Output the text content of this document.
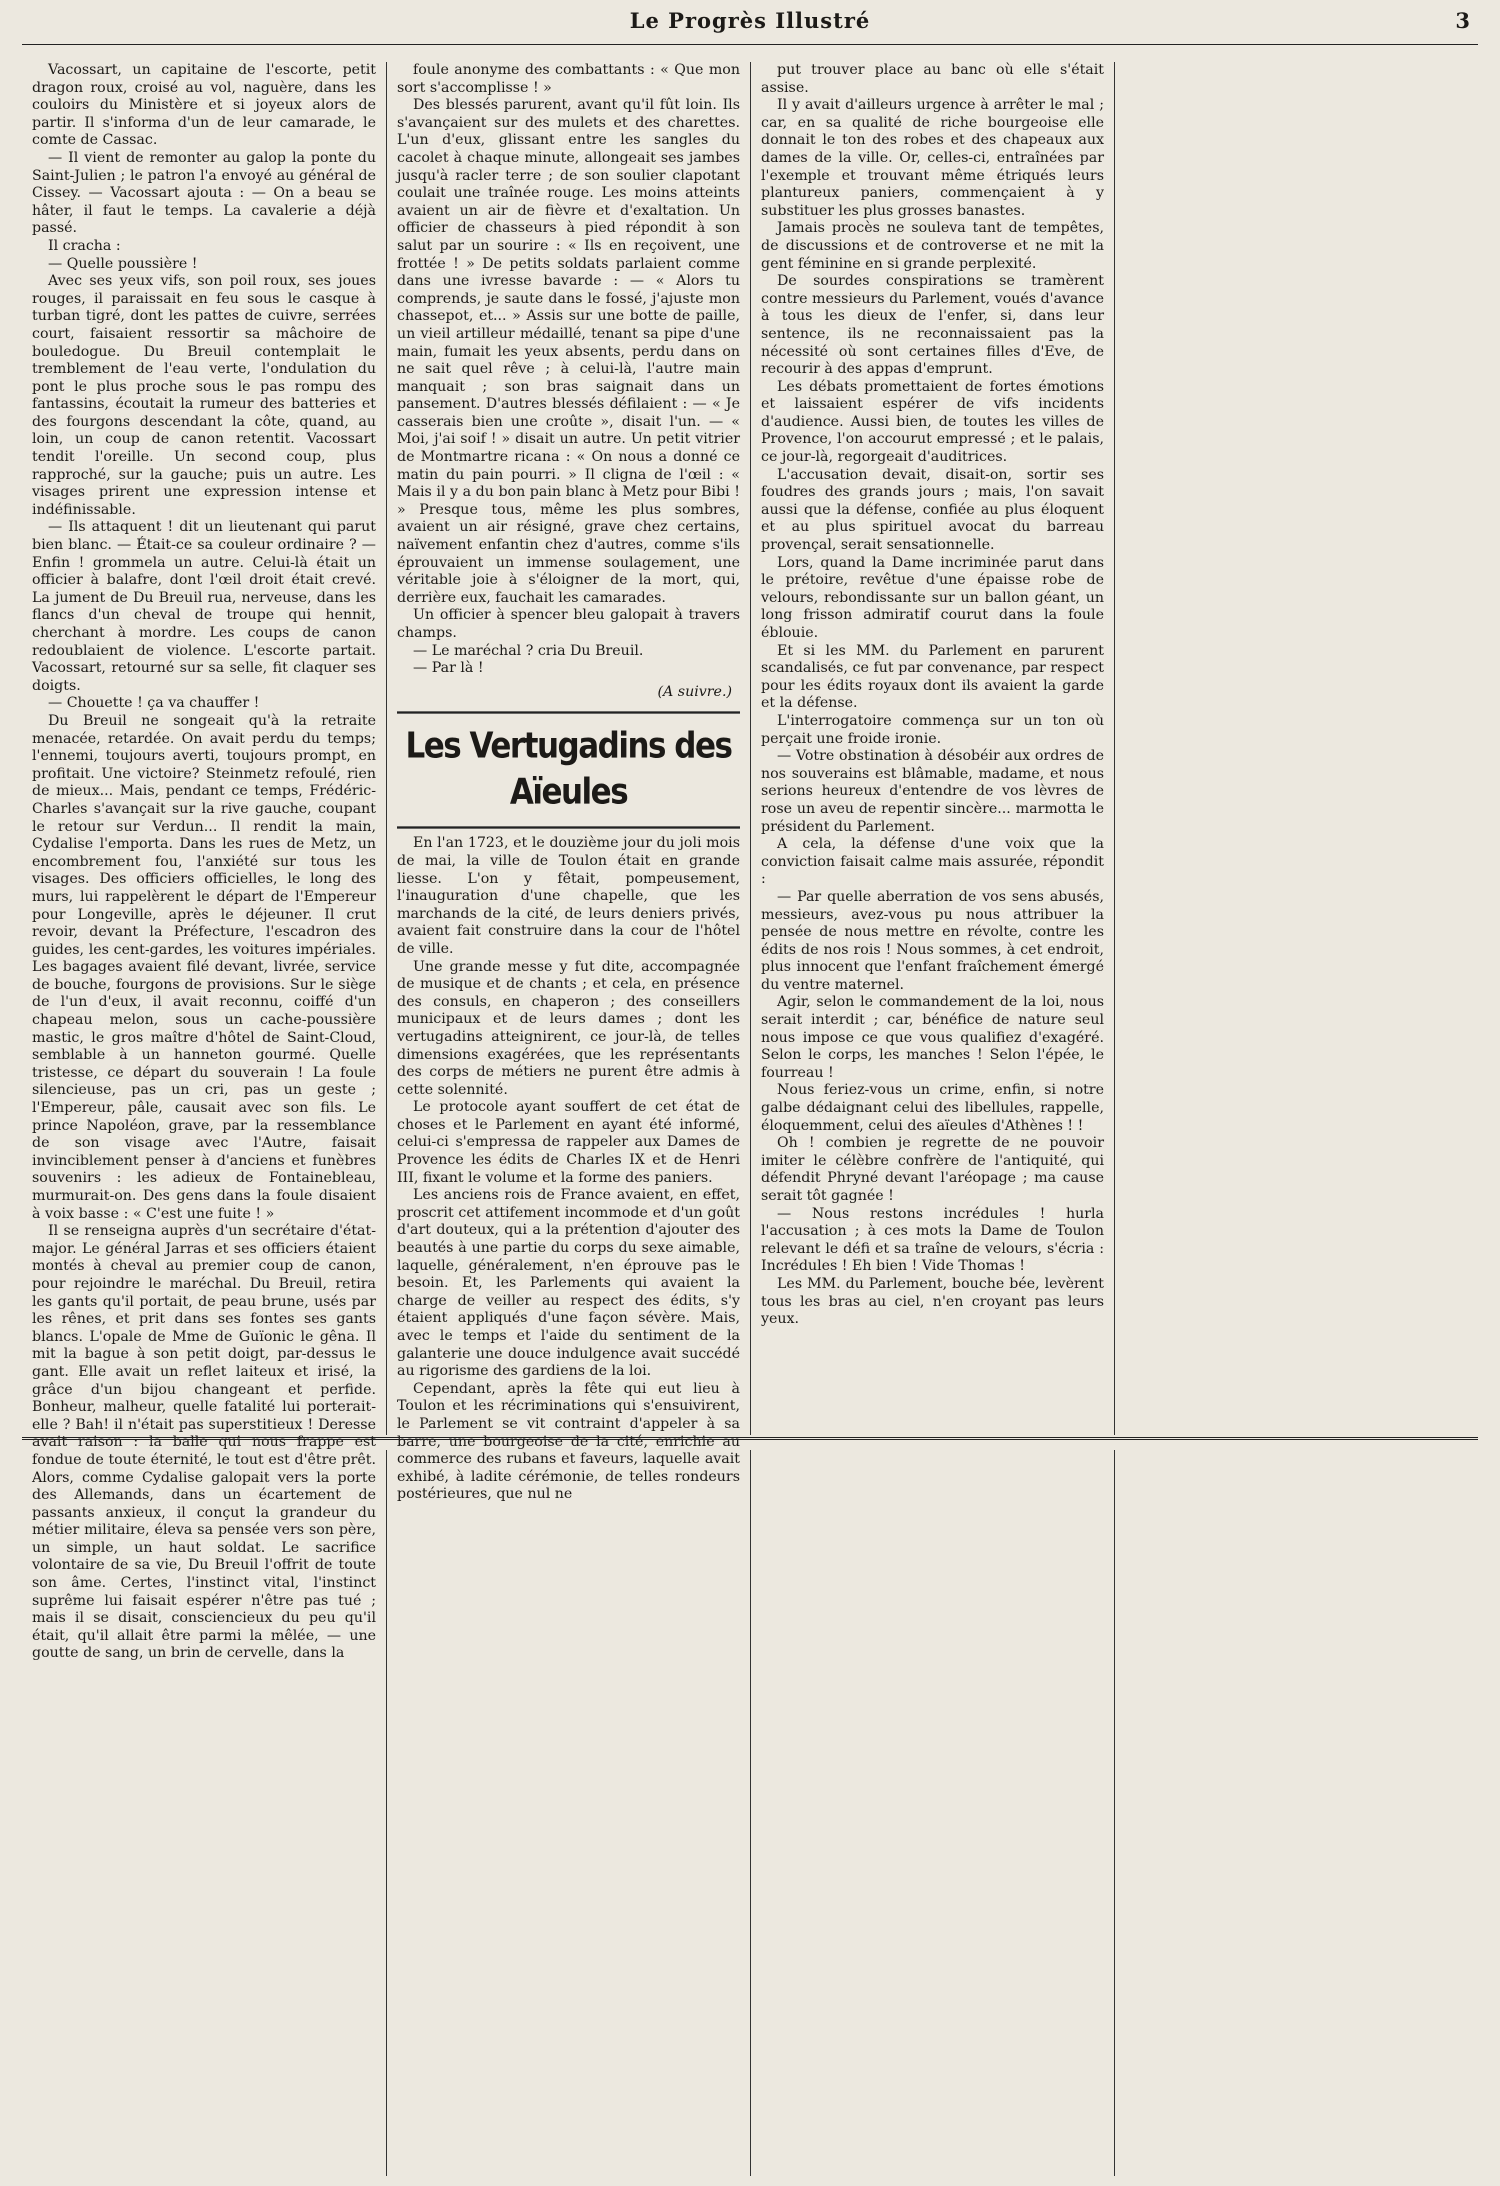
Le Progrès Illustré	3

Vacossart, un capitaine de l'escorte, petit dragon roux, croisé au vol, naguère, dans les couloirs du Ministère et si joyeux alors de partir. Il s'informa d'un de leur camarade, le comte de Cassac.

— Il vient de remonter au galop la ponte du Saint-Julien ; le patron l'a envoyé au général de Cissey. — Vacossart ajouta : — On a beau se hâter, il faut le temps. La cavalerie a déjà passé.

Il cracha :

— Quelle poussière !

Avec ses yeux vifs, son poil roux, ses joues rouges, il paraissait en feu sous le casque à turban tigré, dont les pattes de cuivre, serrées court, faisaient ressortir sa mâchoire de bouledogue. Du Breuil contemplait le tremblement de l'eau verte, l'ondulation du pont le plus proche sous le pas rompu des fantassins, écoutait la rumeur des batteries et des fourgons descendant la côte, quand, au loin, un coup de canon retentit. Vacossart tendit l'oreille. Un second coup, plus rapproché, sur la gauche; puis un autre. Les visages prirent une expression intense et indéfinissable.

— Ils attaquent ! dit un lieutenant qui parut bien blanc. — Était-ce sa couleur ordinaire ? — Enfin ! grommela un autre. Celui-là était un officier à balafre, dont l'œil droit était crevé. La jument de Du Breuil rua, nerveuse, dans les flancs d'un cheval de troupe qui hennit, cherchant à mordre. Les coups de canon redoublaient de violence. L'escorte partait. Vacossart, retourné sur sa selle, fit claquer ses doigts.

— Chouette ! ça va chauffer !

Du Breuil ne songeait qu'à la retraite menacée, retardée. On avait perdu du temps; l'ennemi, toujours averti, toujours prompt, en profitait. Une victoire? Steinmetz refoulé, rien de mieux... Mais, pendant ce temps, Frédéric-Charles s'avançait sur la rive gauche, coupant le retour sur Verdun... Il rendit la main, Cydalise l'emporta. Dans les rues de Metz, un encombrement fou, l'anxiété sur tous les visages. Des officiers officielles, le long des murs, lui rappelèrent le départ de l'Empereur pour Longeville, après le déjeuner. Il crut revoir, devant la Préfecture, l'escadron des guides, les cent-gardes, les voitures impériales. Les bagages avaient filé devant, livrée, service de bouche, fourgons de provisions. Sur le siège de l'un d'eux, il avait reconnu, coiffé d'un chapeau melon, sous un cache-poussière mastic, le gros maître d'hôtel de Saint-Cloud, semblable à un hanneton gourmé. Quelle tristesse, ce départ du souverain ! La foule silencieuse, pas un cri, pas un geste ; l'Empereur, pâle, causait avec son fils. Le prince Napoléon, grave, par la ressemblance de son visage avec l'Autre, faisait invinciblement penser à d'anciens et funèbres souvenirs : les adieux de Fontainebleau, murmurait-on. Des gens dans la foule disaient à voix basse : « C'est une fuite ! »

Il se renseigna auprès d'un secrétaire d'état-major. Le général Jarras et ses officiers étaient montés à cheval au premier coup de canon, pour rejoindre le maréchal. Du Breuil, retira les gants qu'il portait, de peau brune, usés par les rênes, et prit dans ses fontes ses gants blancs. L'opale de Mme de Guïonic le gêna. Il mit la bague à son petit doigt, par-dessus le gant. Elle avait un reflet laiteux et irisé, la grâce d'un bijou changeant et perfide. Bonheur, malheur, quelle fatalité lui porterait-elle ? Bah! il n'était pas superstitieux ! Deresse avait raison : la balle qui nous frappe est fondue de toute éternité, le tout est d'être prêt. Alors, comme Cydalise galopait vers la porte des Allemands, dans un écartement de passants anxieux, il conçut la grandeur du métier militaire, éleva sa pensée vers son père, un simple, un haut soldat. Le sacrifice volontaire de sa vie, Du Breuil l'offrit de toute son âme. Certes, l'instinct vital, l'instinct suprême lui faisait espérer n'être pas tué ; mais il se disait, consciencieux du peu qu'il était, qu'il allait être parmi la mêlée, — une goutte de sang, un brin de cervelle, dans la

foule anonyme des combattants : « Que mon sort s'accomplisse ! »

Des blessés parurent, avant qu'il fût loin. Ils s'avançaient sur des mulets et des charettes. L'un d'eux, glissant entre les sangles du cacolet à chaque minute, allongeait ses jambes jusqu'à racler terre ; de son soulier clapotant coulait une traînée rouge. Les moins atteints avaient un air de fièvre et d'exaltation. Un officier de chasseurs à pied répondit à son salut par un sourire : « Ils en reçoivent, une frottée ! » De petits soldats parlaient comme dans une ivresse bavarde : — « Alors tu comprends, je saute dans le fossé, j'ajuste mon chassepot, et... » Assis sur une botte de paille, un vieil artilleur médaillé, tenant sa pipe d'une main, fumait les yeux absents, perdu dans on ne sait quel rêve ; à celui-là, l'autre main manquait ; son bras saignait dans un pansement. D'autres blessés défilaient : — « Je casserais bien une croûte », disait l'un. — « Moi, j'ai soif ! » disait un autre. Un petit vitrier de Montmartre ricana : « On nous a donné ce matin du pain pourri. » Il cligna de l'œil : « Mais il y a du bon pain blanc à Metz pour Bibi ! » Presque tous, même les plus sombres, avaient un air résigné, grave chez certains, naïvement enfantin chez d'autres, comme s'ils éprouvaient un immense soulagement, une véritable joie à s'éloigner de la mort, qui, derrière eux, fauchait les camarades.

Un officier à spencer bleu galopait à travers champs.

— Le maréchal ? cria Du Breuil.

— Par là !

(A suivre.)

Les Vertugadins des Aïeules

En l'an 1723, et le douzième jour du joli mois de mai, la ville de Toulon était en grande liesse. L'on y fêtait, pompeusement, l'inauguration d'une chapelle, que les marchands de la cité, de leurs deniers privés, avaient fait construire dans la cour de l'hôtel de ville.

Une grande messe y fut dite, accompagnée de musique et de chants ; et cela, en présence des consuls, en chaperon ; des conseillers municipaux et de leurs dames ; dont les vertugadins atteignirent, ce jour-là, de telles dimensions exagérées, que les représentants des corps de métiers ne purent être admis à cette solennité.

Le protocole ayant souffert de cet état de choses et le Parlement en ayant été informé, celui-ci s'empressa de rappeler aux Dames de Provence les édits de Charles IX et de Henri III, fixant le volume et la forme des paniers.

Les anciens rois de France avaient, en effet, proscrit cet attifement incommode et d'un goût d'art douteux, qui a la prétention d'ajouter des beautés à une partie du corps du sexe aimable, laquelle, généralement, n'en éprouve pas le besoin. Et, les Parlements qui avaient la charge de veiller au respect des édits, s'y étaient appliqués d'une façon sévère. Mais, avec le temps et l'aide du sentiment de la galanterie une douce indulgence avait succédé au rigorisme des gardiens de la loi.

Cependant, après la fête qui eut lieu à Toulon et les récriminations qui s'ensuivirent, le Parlement se vit contraint d'appeler à sa barre, une bourgeoise de la cité, enrichie au commerce des rubans et faveurs, laquelle avait exhibé, à ladite cérémonie, de telles rondeurs postérieures, que nul ne

put trouver place au banc où elle s'était assise.

Il y avait d'ailleurs urgence à arrêter le mal ; car, en sa qualité de riche bourgeoise elle donnait le ton des robes et des chapeaux aux dames de la ville. Or, celles-ci, entraînées par l'exemple et trouvant même étriqués leurs plantureux paniers, commençaient à y substituer les plus grosses banastes.

Jamais procès ne souleva tant de tempêtes, de discussions et de controverse et ne mit la gent féminine en si grande perplexité.

De sourdes conspirations se tramèrent contre messieurs du Parlement, voués d'avance à tous les dieux de l'enfer, si, dans leur sentence, ils ne reconnaissaient pas la nécessité où sont certaines filles d'Eve, de recourir à des appas d'emprunt.

Les débats promettaient de fortes émotions et laissaient espérer de vifs incidents d'audience. Aussi bien, de toutes les villes de Provence, l'on accourut empressé ; et le palais, ce jour-là, regorgeait d'auditrices.

L'accusation devait, disait-on, sortir ses foudres des grands jours ; mais, l'on savait aussi que la défense, confiée au plus éloquent et au plus spirituel avocat du barreau provençal, serait sensationnelle.

Lors, quand la Dame incriminée parut dans le prétoire, revêtue d'une épaisse robe de velours, rebondissante sur un ballon géant, un long frisson admiratif courut dans la foule éblouie.

Et si les MM. du Parlement en parurent scandalisés, ce fut par convenance, par respect pour les édits royaux dont ils avaient la garde et la défense.

L'interrogatoire commença sur un ton où perçait une froide ironie.

— Votre obstination à désobéir aux ordres de nos souverains est blâmable, madame, et nous serions heureux d'entendre de vos lèvres de rose un aveu de repentir sincère... marmotta le président du Parlement.

A cela, la défense d'une voix que la conviction faisait calme mais assurée, répondit :

— Par quelle aberration de vos sens abusés, messieurs, avez-vous pu nous attribuer la pensée de nous mettre en révolte, contre les édits de nos rois ! Nous sommes, à cet endroit, plus innocent que l'enfant fraîchement émergé du ventre maternel.

Agir, selon le commandement de la loi, nous serait interdit ; car, bénéfice de nature seul nous impose ce que vous qualifiez d'exagéré. Selon le corps, les manches ! Selon l'épée, le fourreau !

Nous feriez-vous un crime, enfin, si notre galbe dédaignant celui des libellules, rappelle, éloquemment, celui des aïeules d'Athènes ! !

Oh ! combien je regrette de ne pouvoir imiter le célèbre confrère de l'antiquité, qui défendit Phryné devant l'aréopage ; ma cause serait tôt gagnée !

— Nous restons incrédules ! hurla l'accusation ; à ces mots la Dame de Toulon relevant le défi et sa traîne de velours, s'écria : Incrédules ! Eh bien ! Vide Thomas !

Les MM. du Parlement, bouche bée, levèrent tous les bras au ciel, n'en croyant pas leurs yeux.
